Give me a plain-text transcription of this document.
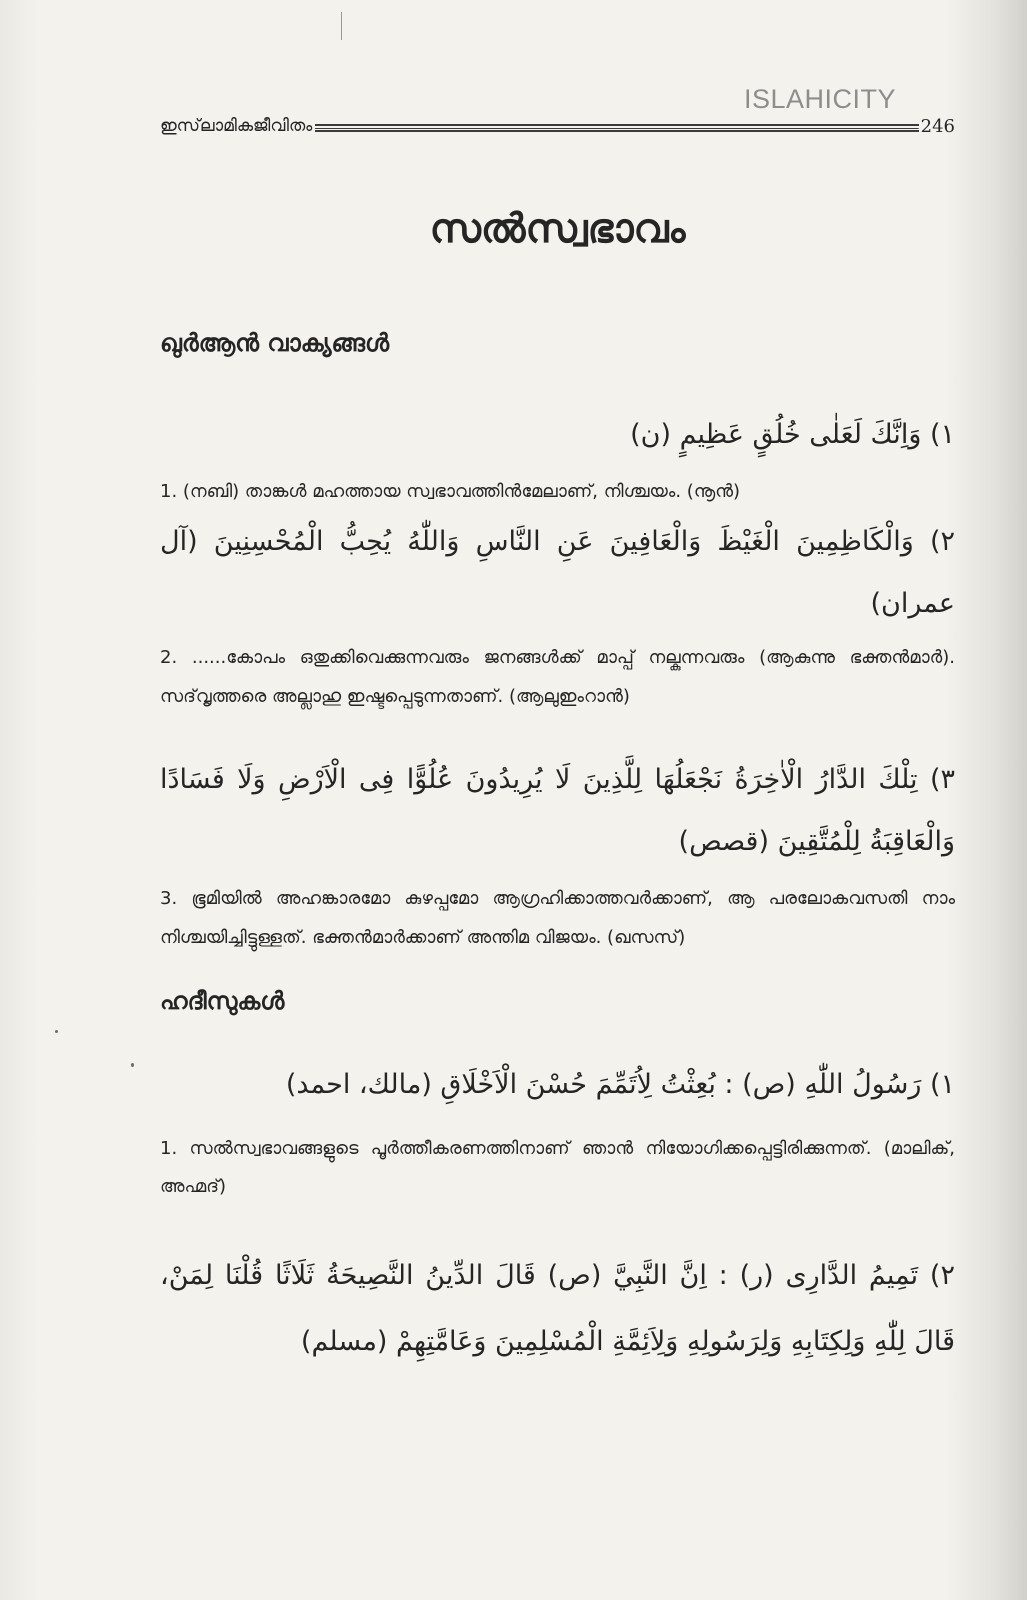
ISLAHICITY
ഇസ്‌ലാമികജീവിതം	246
സൽസ്വഭാവം
ഖുർആൻ വാക്യങ്ങൾ
١) وَاِنَّكَ لَعَلٰى خُلُقٍ عَظِيمٍ (ن)
1. (നബി) താങ്കൾ മഹത്തായ സ്വഭാവത്തിൻമേലാണ്, നിശ്ചയം. (നൂൻ)
٢) وَالْكَاظِمِينَ الْغَيْظَ وَالْعَافِينَ عَنِ النَّاسِ وَاللّٰهُ يُحِبُّ الْمُحْسِنِينَ (آل عمران)
2. ......കോപം ഒതുക്കിവെക്കുന്നവരും ജനങ്ങൾക്ക് മാപ്പ് നല്കുന്നവരും (ആകുന്നു ഭക്തൻമാർ). സദ്‌വൃത്തരെ അല്ലാഹു ഇഷ്ടപ്പെടുന്നതാണ്. (ആലുഇംറാൻ)
٣) تِلْكَ الدَّارُ الْاٰخِرَةُ نَجْعَلُهَا لِلَّذِينَ لَا يُرِيدُونَ عُلُوًّا فِى الْاَرْضِ وَلَا فَسَادًا وَالْعَاقِبَةُ لِلْمُتَّقِينَ (قصص)
3. ഭൂമിയിൽ അഹങ്കാരമോ കുഴപ്പമോ ആഗ്രഹിക്കാത്തവർക്കാണ്, ആ പരലോകവസതി നാം നിശ്ചയിച്ചിട്ടുള്ളത്. ഭക്തൻമാർക്കാണ് അന്തിമ വിജയം. (ഖസസ്)
ഹദീസുകൾ
١) رَسُولُ اللّٰهِ (ص) : بُعِثْتُ لِاُتَمِّمَ حُسْنَ الْاَخْلَاقِ (مالك، احمد)
1. സൽസ്വഭാവങ്ങളുടെ പൂർത്തീകരണത്തിനാണ് ഞാൻ നിയോഗിക്കപ്പെട്ടിരിക്കുന്നത്. (മാലിക്, അഹ്മദ്)
٢) تَمِيمُ الدَّارِى (ر) : اِنَّ النَّبِيَّ (ص) قَالَ الدِّينُ النَّصِيحَةُ ثَلَاثًا قُلْنَا لِمَنْ، قَالَ لِلّٰهِ وَلِكِتَابِهِ وَلِرَسُولِهِ وَلِاَئِمَّةِ الْمُسْلِمِينَ وَعَامَّتِهِمْ (مسلم)
